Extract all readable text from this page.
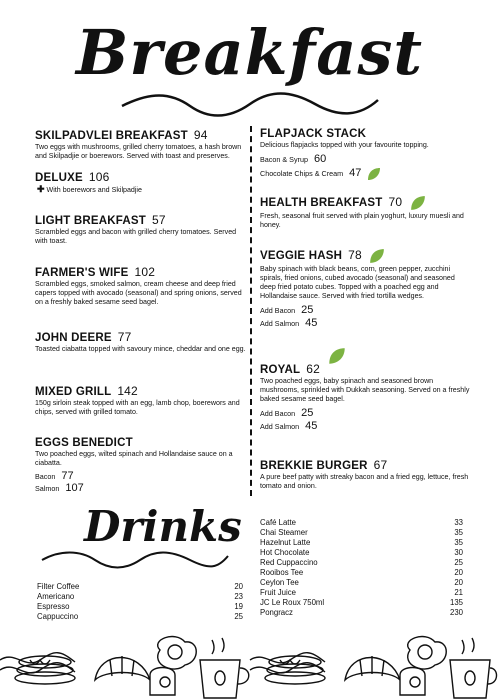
Breakfast
SKILPADVLEI BREAKFAST 94
Two eggs with mushrooms, grilled cherry tomatoes, a hash brown and Skilpadjie or boerewors. Served with toast and preserves.
DELUXE 106
✚ With boerewors and Skilpadjie
LIGHT BREAKFAST 57
Scrambled eggs and bacon with grilled cherry tomatoes. Served with toast.
FARMER'S WIFE 102
Scrambled eggs, smoked salmon, cream cheese and deep fried capers topped with avocado (seasonal) and spring onions, served on a freshly baked sesame seed bagel.
JOHN DEERE 77
Toasted ciabatta topped with savoury mince, cheddar and one egg.
MIXED GRILL 142
150g sirloin steak topped with an egg, lamb chop, boerewors and chips, served with grilled tomato.
EGGS BENEDICT
Two poached eggs, wilted spinach and Hollandaise sauce on a ciabatta.
Bacon 77
Salmon 107
FLAPJACK STACK
Delicious flapjacks topped with your favourite topping.
Bacon & Syrup 60
Chocolate Chips & Cream 47
HEALTH BREAKFAST 70
Fresh, seasonal fruit served with plain yoghurt, luxury muesli and honey.
VEGGIE HASH 78
Baby spinach with black beans, corn, green pepper, zucchini spirals, fried onions, cubed avocado (seasonal) and seasoned deep fried potato cubes. Topped with a poached egg and Hollandaise sauce. Served with fried tortilla wedges.
Add Bacon 25
Add Salmon 45
ROYAL 62
Two poached eggs, baby spinach and seasoned brown mushrooms, sprinkled with Dukkah seasoning. Served on a freshly baked sesame seed bagel.
Add Bacon 25
Add Salmon 45
BREKKIE BURGER 67
A pure beef patty with streaky bacon and a fried egg, lettuce, fresh tomato and onion.
Drinks
Filter Coffee	20
Americano	23
Espresso	19
Cappuccino	25
Café Latte	33
Chai Steamer	35
Hazelnut Latte	35
Hot Chocolate	30
Red Cuppaccino	25
Rooibos Tee	20
Ceylon Tee	20
Fruit Juice	21
JC Le Roux 750ml	135
Pongracz	230
